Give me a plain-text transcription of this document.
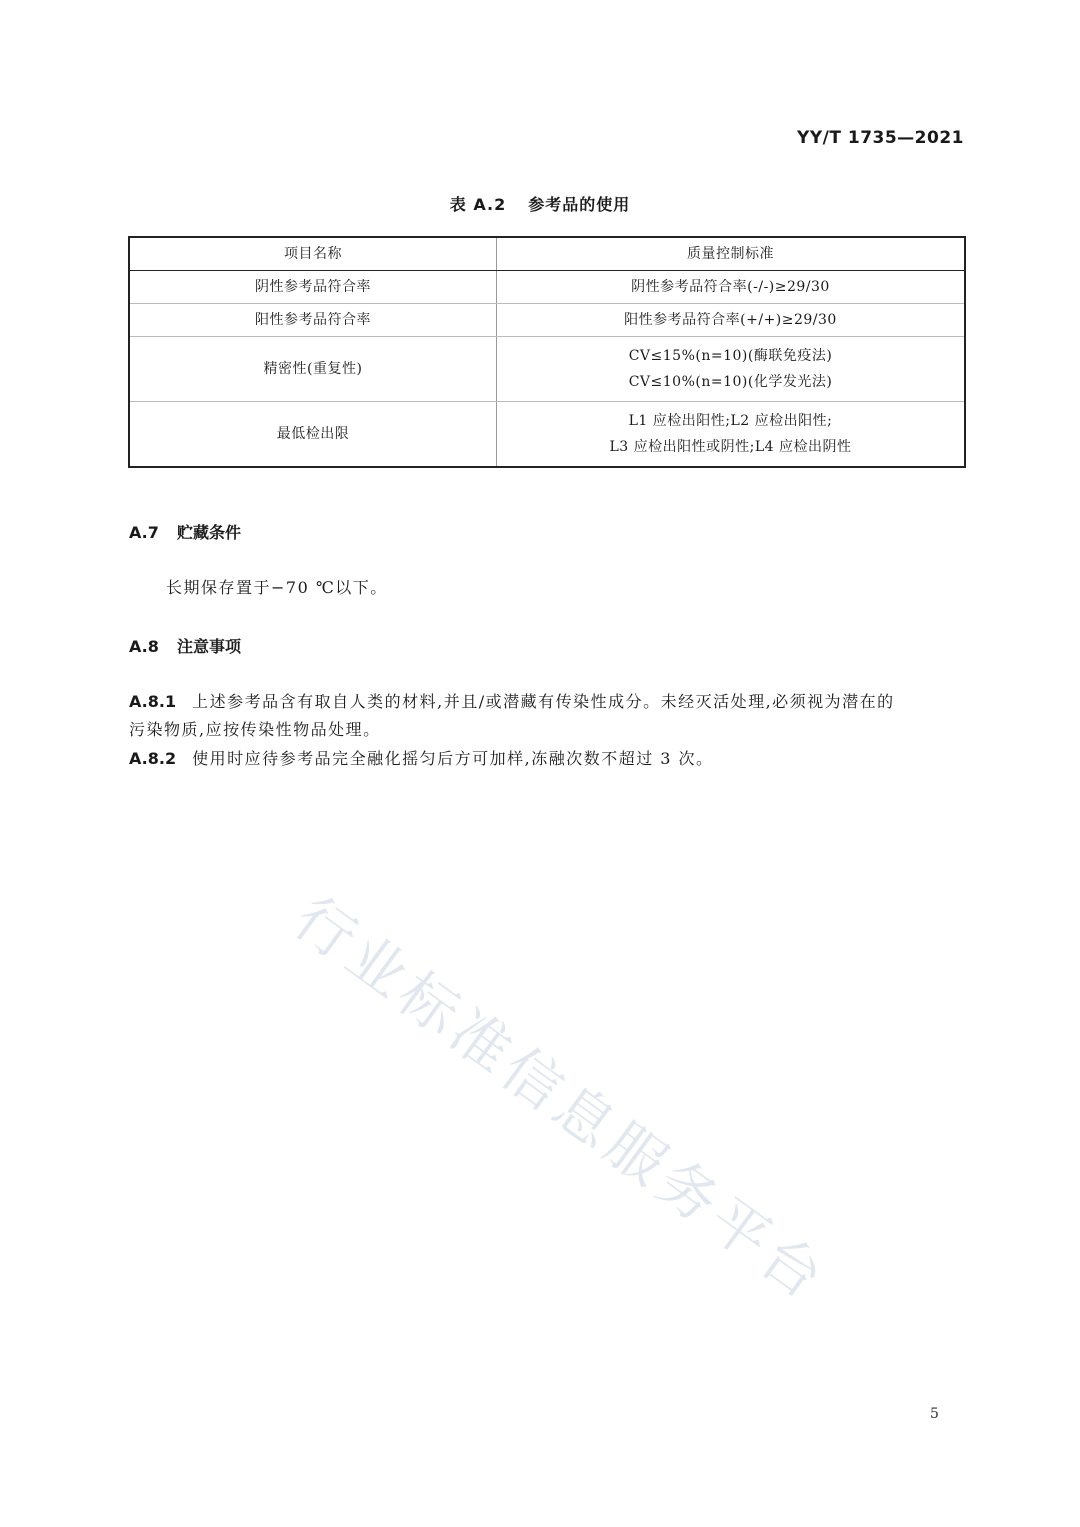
YY/T 1735—2021
表 A.2 参考品的使用
项目名称	质量控制标准
阴性参考品符合率	阴性参考品符合率(-/-)≥29/30

阳性参考品符合率	阳性参考品符合率(+/+)≥29/30

精密性(重复性)	CV≤15%(n=10)(酶联免疫法)
CV≤10%(n=10)(化学发光法)

最低检出限	L1 应检出阳性;L2 应检出阳性;
L3 应检出阳性或阴性;L4 应检出阴性
A.7 贮藏条件
长期保存置于−70 ℃以下。
A.8 注意事项
A.8.1 上述参考品含有取自人类的材料,并且/或潜藏有传染性成分。未经灭活处理,必须视为潜在的
污染物质,应按传染性物品处理。
A.8.2 使用时应待参考品完全融化摇匀后方可加样,冻融次数不超过 3 次。
行业标准信息服务平台
5
